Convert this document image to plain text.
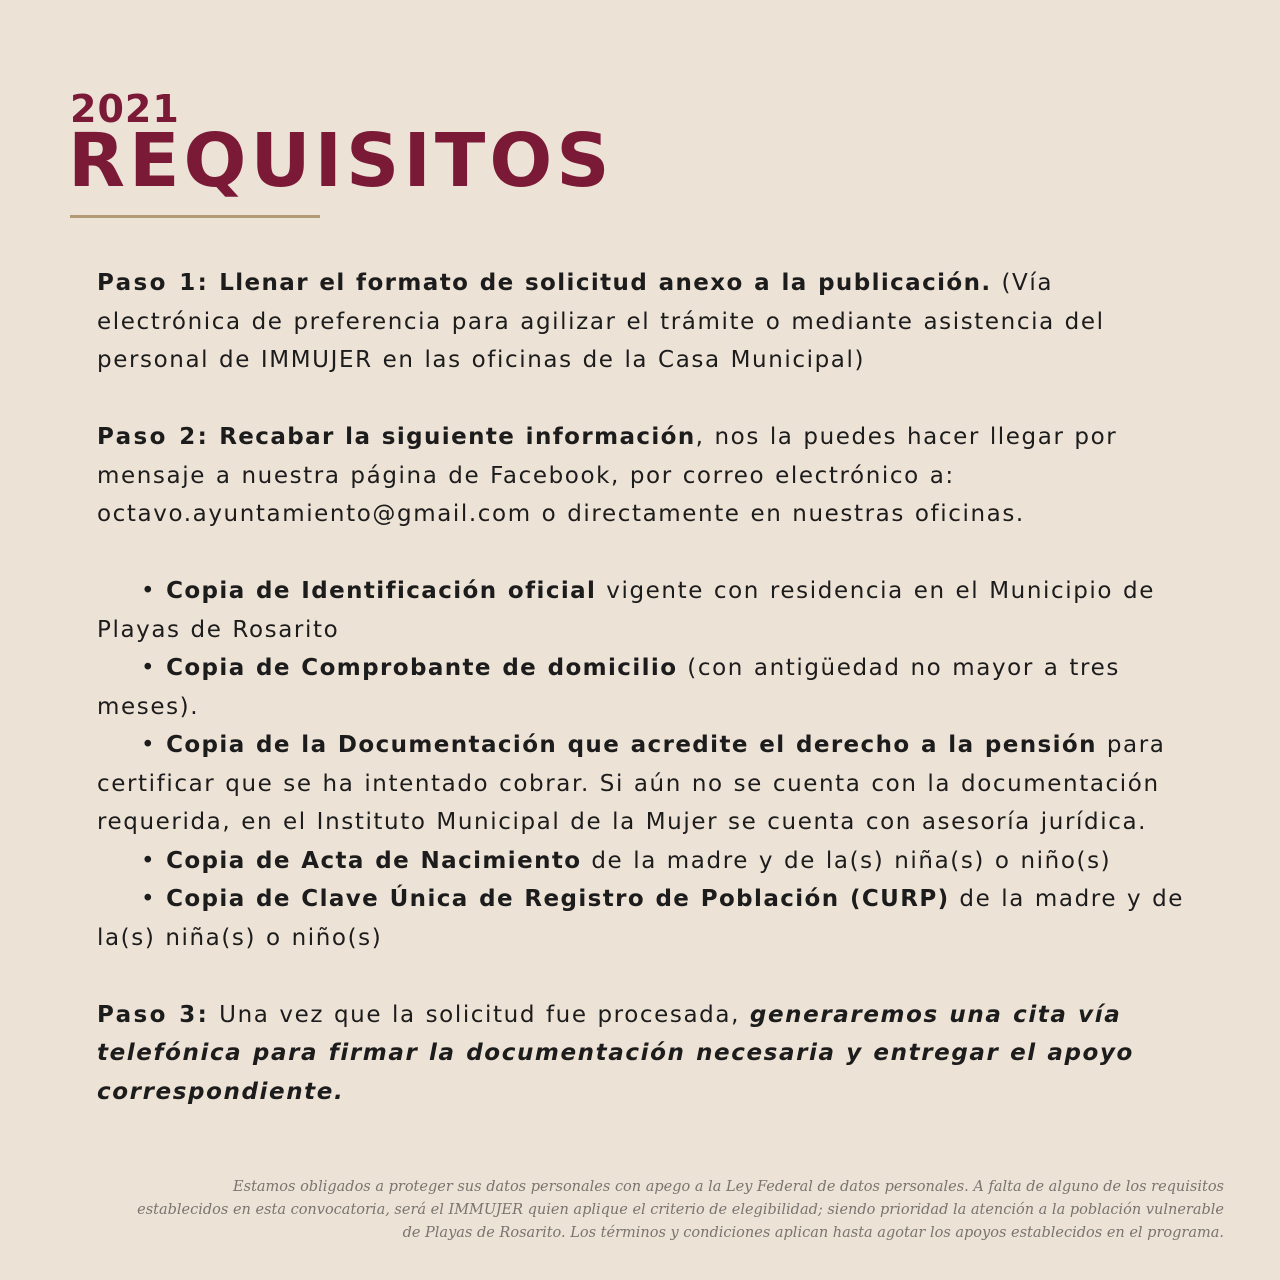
2021
REQUISITOS

Paso 1: Llenar el formato de solicitud anexo a la publicación. (Vía electrónica de preferencia para agilizar el trámite o mediante asistencia del personal de IMMUJER en las oficinas de la Casa Municipal)

Paso 2: Recabar la siguiente información, nos la puedes hacer llegar por mensaje a nuestra página de Facebook, por correo electrónico a: octavo.ayuntamiento@gmail.com o directamente en nuestras oficinas.

• Copia de Identificación oficial vigente con residencia en el Municipio de Playas de Rosarito

• Copia de Comprobante de domicilio (con antigüedad no mayor a tres meses).

• Copia de la Documentación que acredite el derecho a la pensión para certificar que se ha intentado cobrar. Si aún no se cuenta con la documentación requerida, en el Instituto Municipal de la Mujer se cuenta con asesoría jurídica.

• Copia de Acta de Nacimiento de la madre y de la(s) niña(s) o niño(s)

• Copia de Clave Única de Registro de Población (CURP) de la madre y de la(s) niña(s) o niño(s)

Paso 3: Una vez que la solicitud fue procesada, generaremos una cita vía telefónica para firmar la documentación necesaria y entregar el apoyo correspondiente.

Estamos obligados a proteger sus datos personales con apego a la Ley Federal de datos personales. A falta de alguno de los requisitos

establecidos en esta convocatoria, será el IMMUJER quien aplique el criterio de elegibilidad; siendo prioridad la atención a la población vulnerable

de Playas de Rosarito. Los términos y condiciones aplican hasta agotar los apoyos establecidos en el programa.
